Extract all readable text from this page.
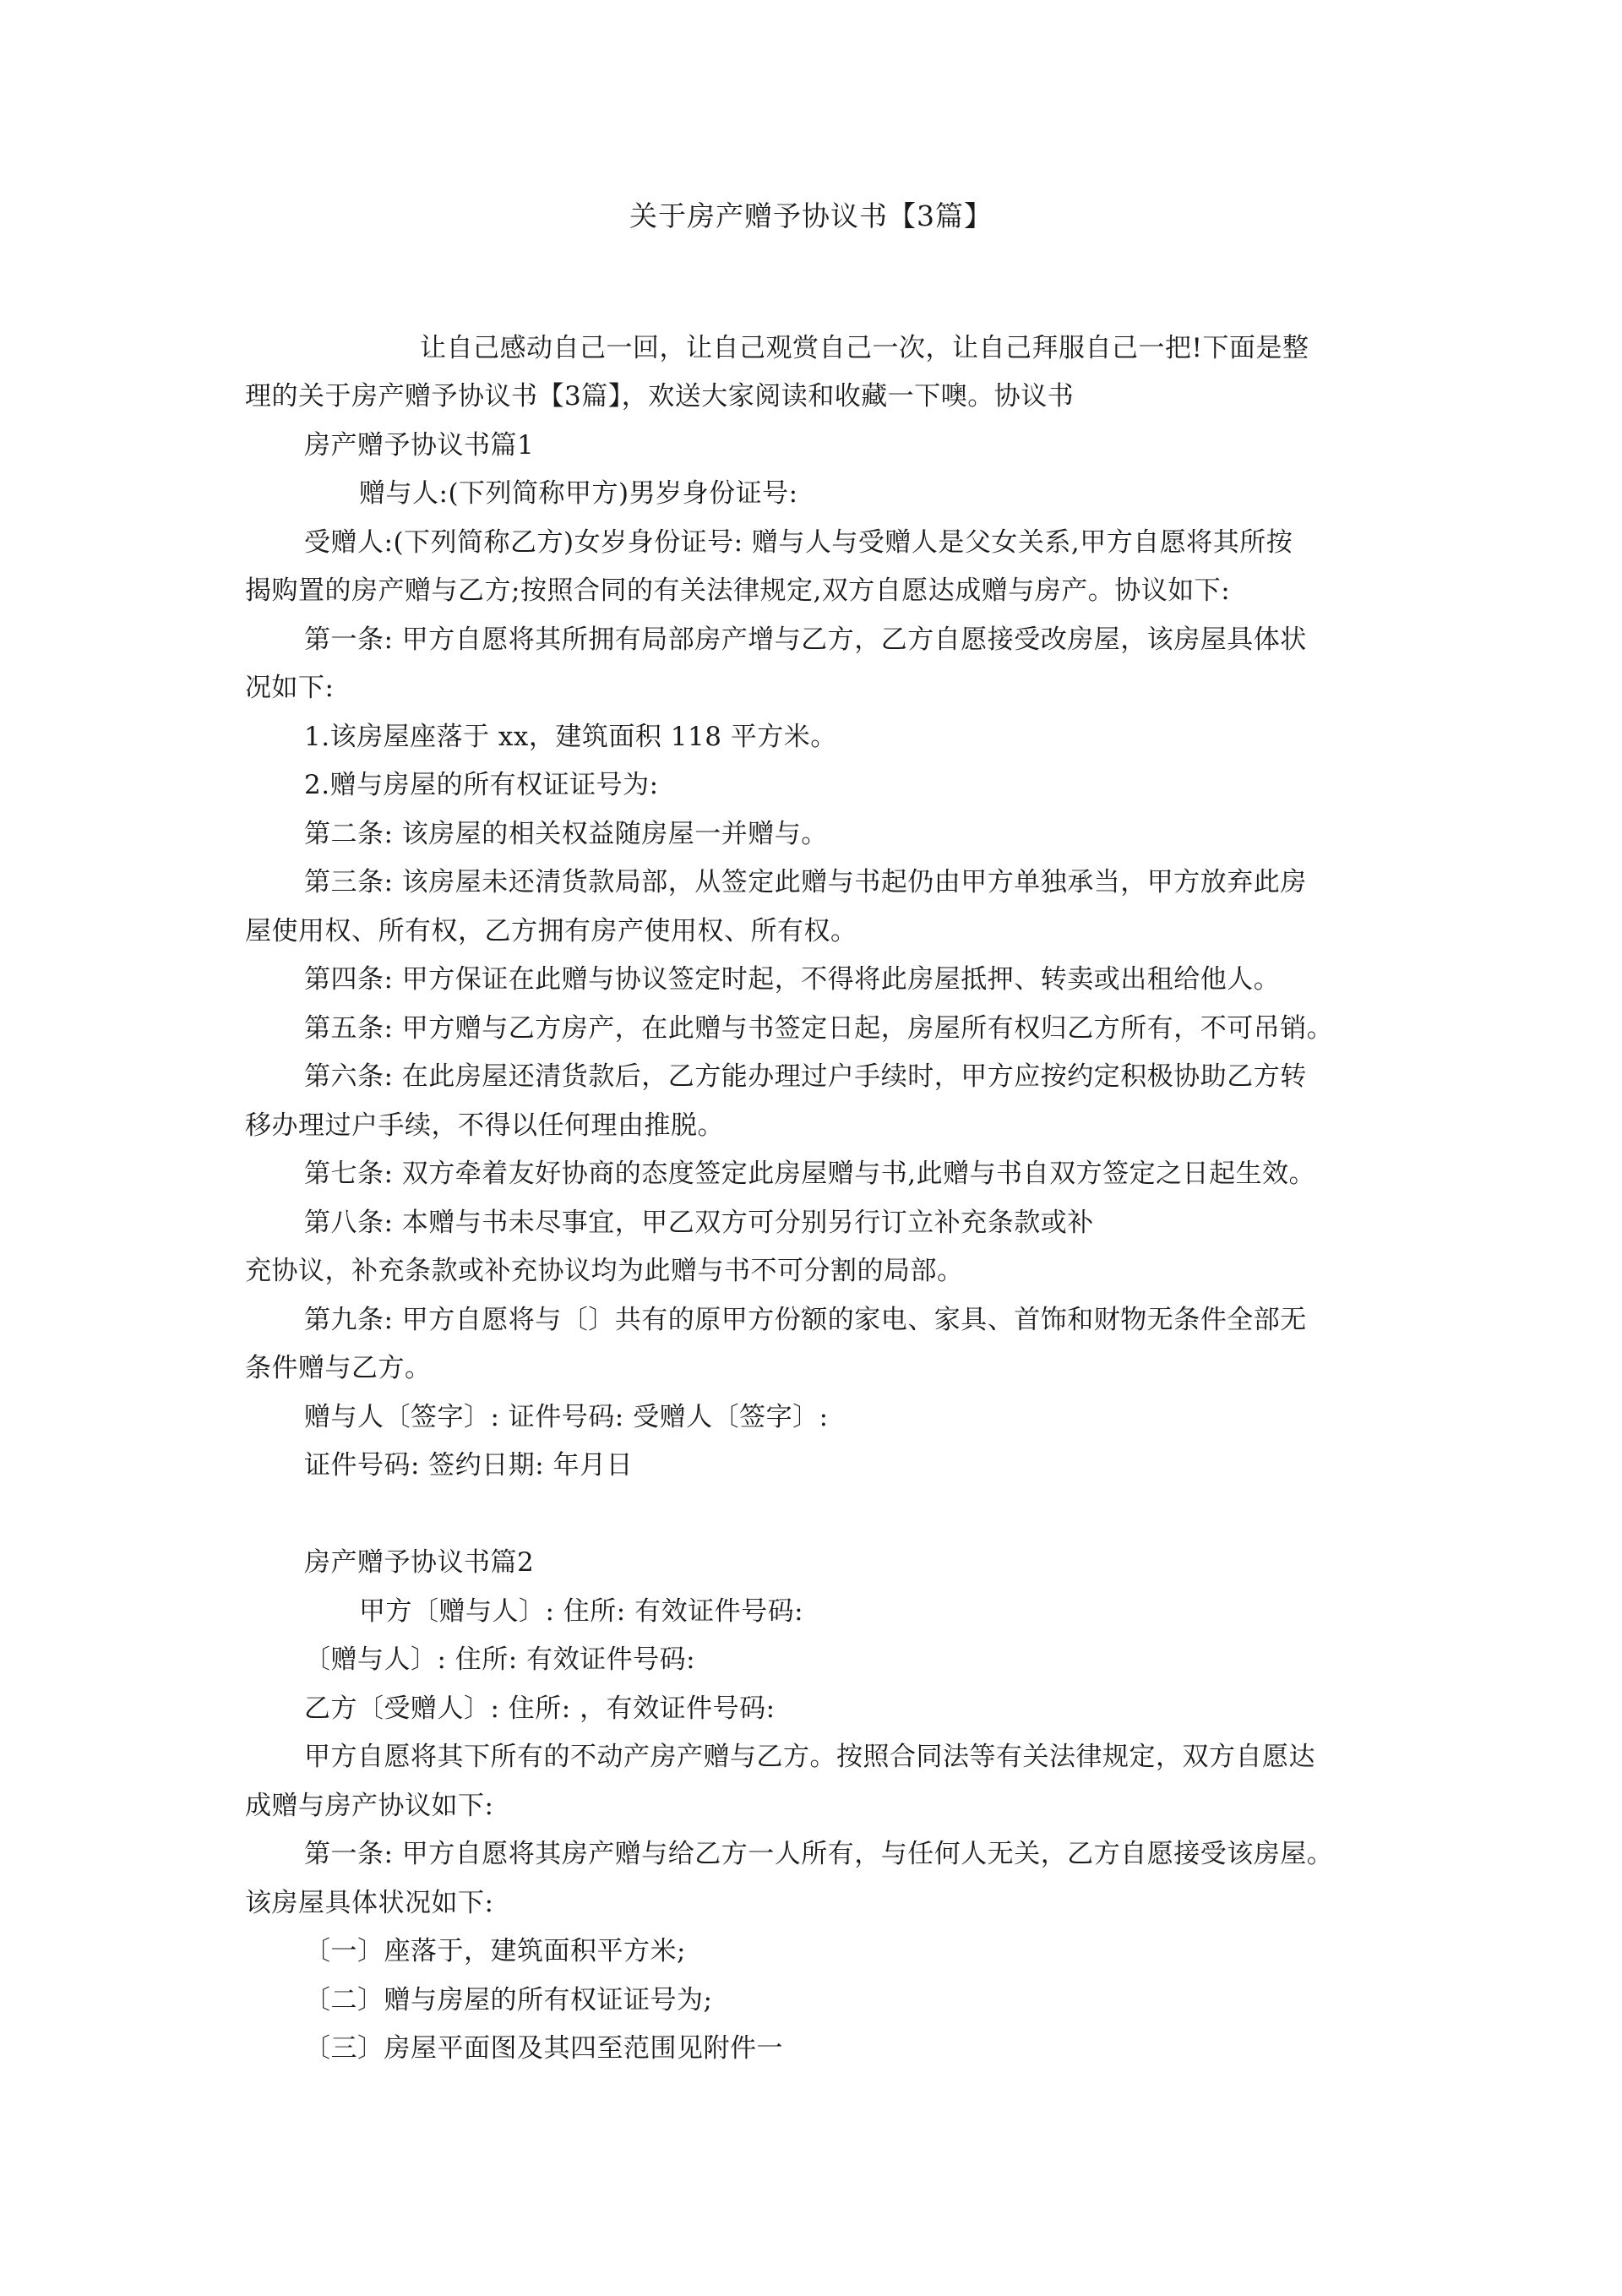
关于房产赠予协议书【3篇】
让自己感动自己一回，让自己观赏自己一次，让自己拜服自己一把!下面是整
理的关于房产赠予协议书【3篇】，欢送大家阅读和收藏一下噢。协议书
房产赠予协议书篇1
赠与人:(下列简称甲方)男岁身份证号:
受赠人:(下列简称乙方)女岁身份证号: 赠与人与受赠人是父女关系,甲方自愿将其所按
揭购置的房产赠与乙方;按照合同的有关法律规定,双方自愿达成赠与房产。协议如下:
第一条: 甲方自愿将其所拥有局部房产增与乙方，乙方自愿接受改房屋，该房屋具体状
况如下:
1.该房屋座落于 xx，建筑面积 118 平方米。
2.赠与房屋的所有权证证号为:
第二条: 该房屋的相关权益随房屋一并赠与。
第三条: 该房屋未还清货款局部，从签定此赠与书起仍由甲方单独承当，甲方放弃此房
屋使用权、所有权，乙方拥有房产使用权、所有权。
第四条: 甲方保证在此赠与协议签定时起，不得将此房屋抵押、转卖或出租给他人。
第五条: 甲方赠与乙方房产，在此赠与书签定日起，房屋所有权归乙方所有，不可吊销。
第六条: 在此房屋还清货款后，乙方能办理过户手续时，甲方应按约定积极协助乙方转
移办理过户手续，不得以任何理由推脱。
第七条: 双方牵着友好协商的态度签定此房屋赠与书,此赠与书自双方签定之日起生效。
第八条: 本赠与书未尽事宜，甲乙双方可分别另行订立补充条款或补
充协议，补充条款或补充协议均为此赠与书不可分割的局部。
第九条: 甲方自愿将与〔〕共有的原甲方份额的家电、家具、首饰和财物无条件全部无
条件赠与乙方。
赠与人〔签字〕: 证件号码: 受赠人〔签字〕:
证件号码: 签约日期: 年月日
房产赠予协议书篇2
甲方〔赠与人〕: 住所: 有效证件号码:
〔赠与人〕: 住所: 有效证件号码:
乙方〔受赠人〕: 住所: ，有效证件号码:
甲方自愿将其下所有的不动产房产赠与乙方。按照合同法等有关法律规定，双方自愿达
成赠与房产协议如下:
第一条: 甲方自愿将其房产赠与给乙方一人所有，与任何人无关，乙方自愿接受该房屋。
该房屋具体状况如下:
〔一〕座落于，建筑面积平方米;
〔二〕赠与房屋的所有权证证号为;
〔三〕房屋平面图及其四至范围见附件一
